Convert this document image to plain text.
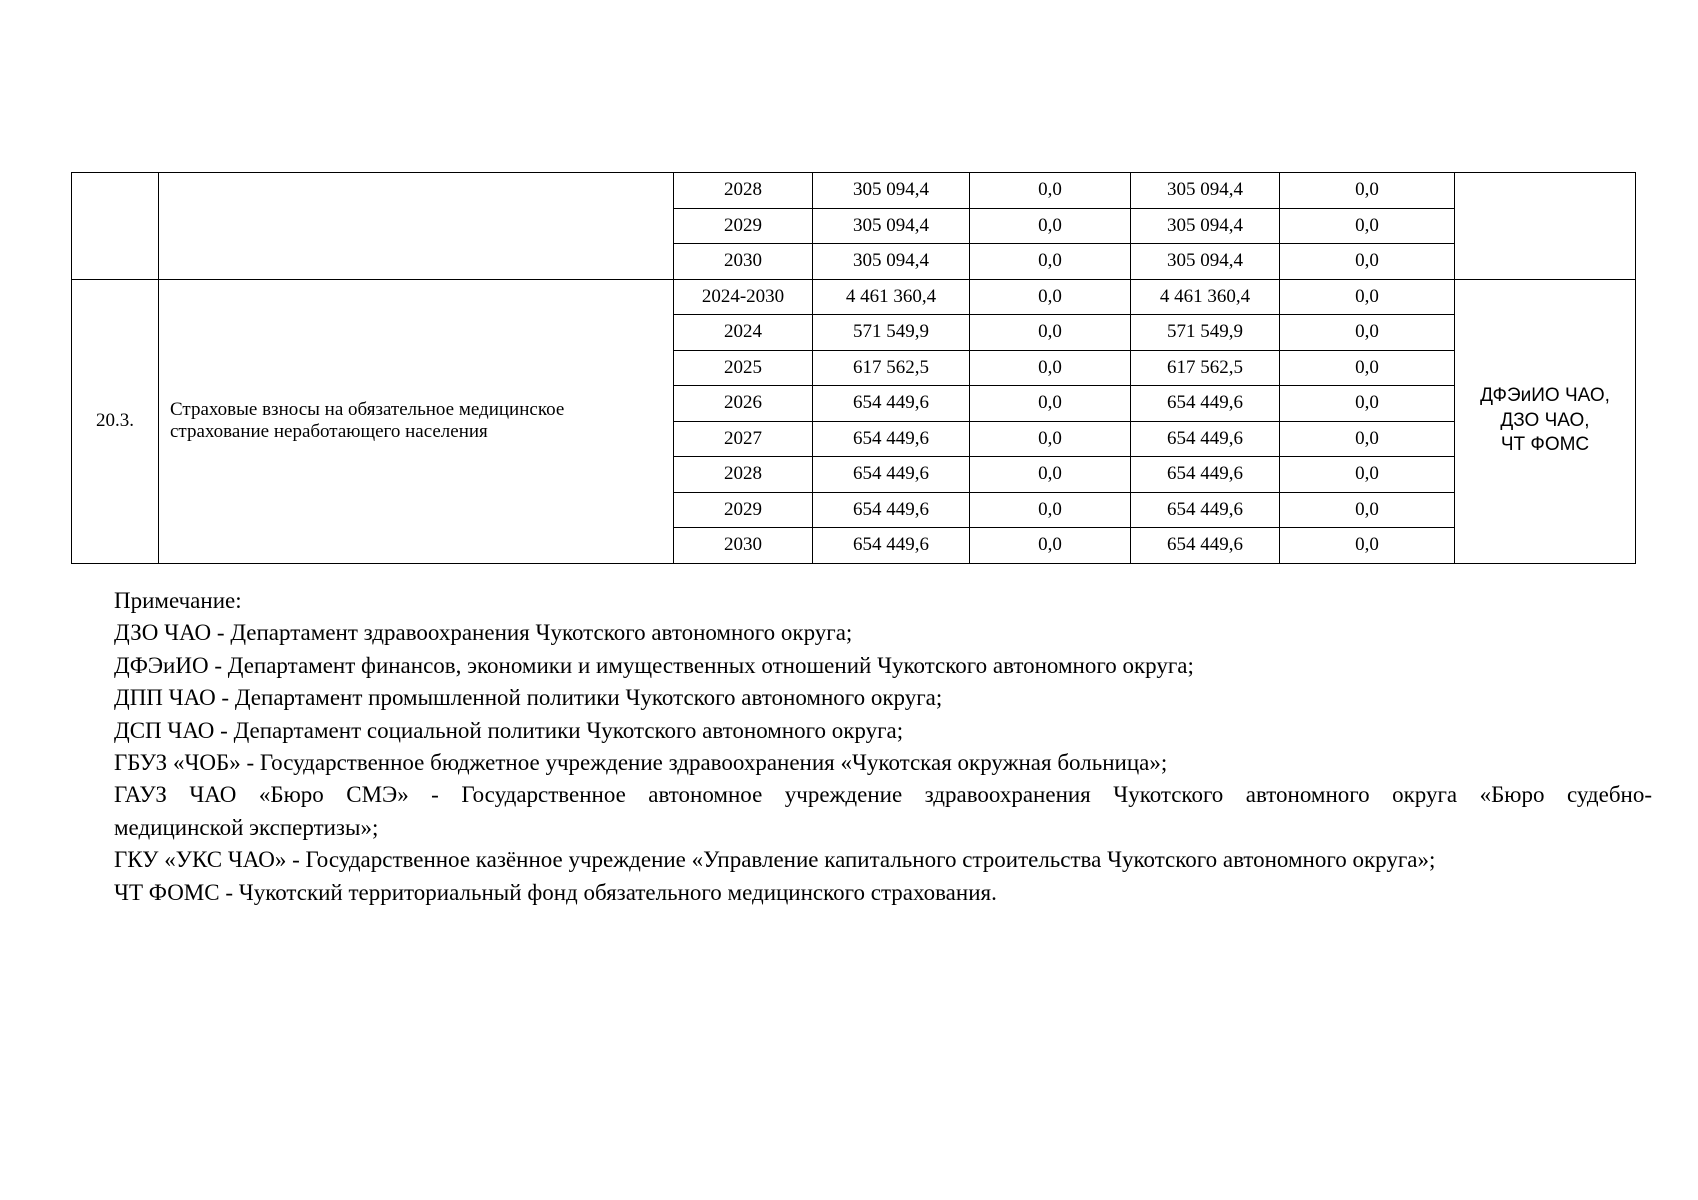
		2028	305 094,4	0,0	305 094,4	0,0	
		2029	305 094,4	0,0	305 094,4	0,0	
		2030	305 094,4	0,0	305 094,4	0,0	
20.3.	Страховые взносы на обязательное медицинское
страхование неработающего населения	2024-2030	4 461 360,4	0,0	4 461 360,4	0,0	ДФЭиИО ЧАО,
ДЗО ЧАО,
ЧТ ФОМС
		2024	571 549,9	0,0	571 549,9	0,0	
		2025	617 562,5	0,0	617 562,5	0,0	
		2026	654 449,6	0,0	654 449,6	0,0	
		2027	654 449,6	0,0	654 449,6	0,0	
		2028	654 449,6	0,0	654 449,6	0,0	
		2029	654 449,6	0,0	654 449,6	0,0	
		2030	654 449,6	0,0	654 449,6	0,0	

Примечание:

ДЗО ЧАО - Департамент здравоохранения Чукотского автономного округа;

ДФЭиИО - Департамент финансов, экономики и имущественных отношений Чукотского автономного округа;

ДПП ЧАО - Департамент промышленной политики Чукотского автономного округа;

ДСП ЧАО - Департамент социальной политики Чукотского автономного округа;

ГБУЗ «ЧОБ» - Государственное бюджетное учреждение здравоохранения «Чукотская окружная больница»;

ГАУЗ ЧАО «Бюро СМЭ» - Государственное автономное учреждение здравоохранения Чукотского автономного округа «Бюро судебно-

медицинской экспертизы»;

ГКУ «УКС ЧАО» - Государственное казённое учреждение «Управление капитального строительства Чукотского автономного округа»;

ЧТ ФОМС - Чукотский территориальный фонд обязательного медицинского страхования.
